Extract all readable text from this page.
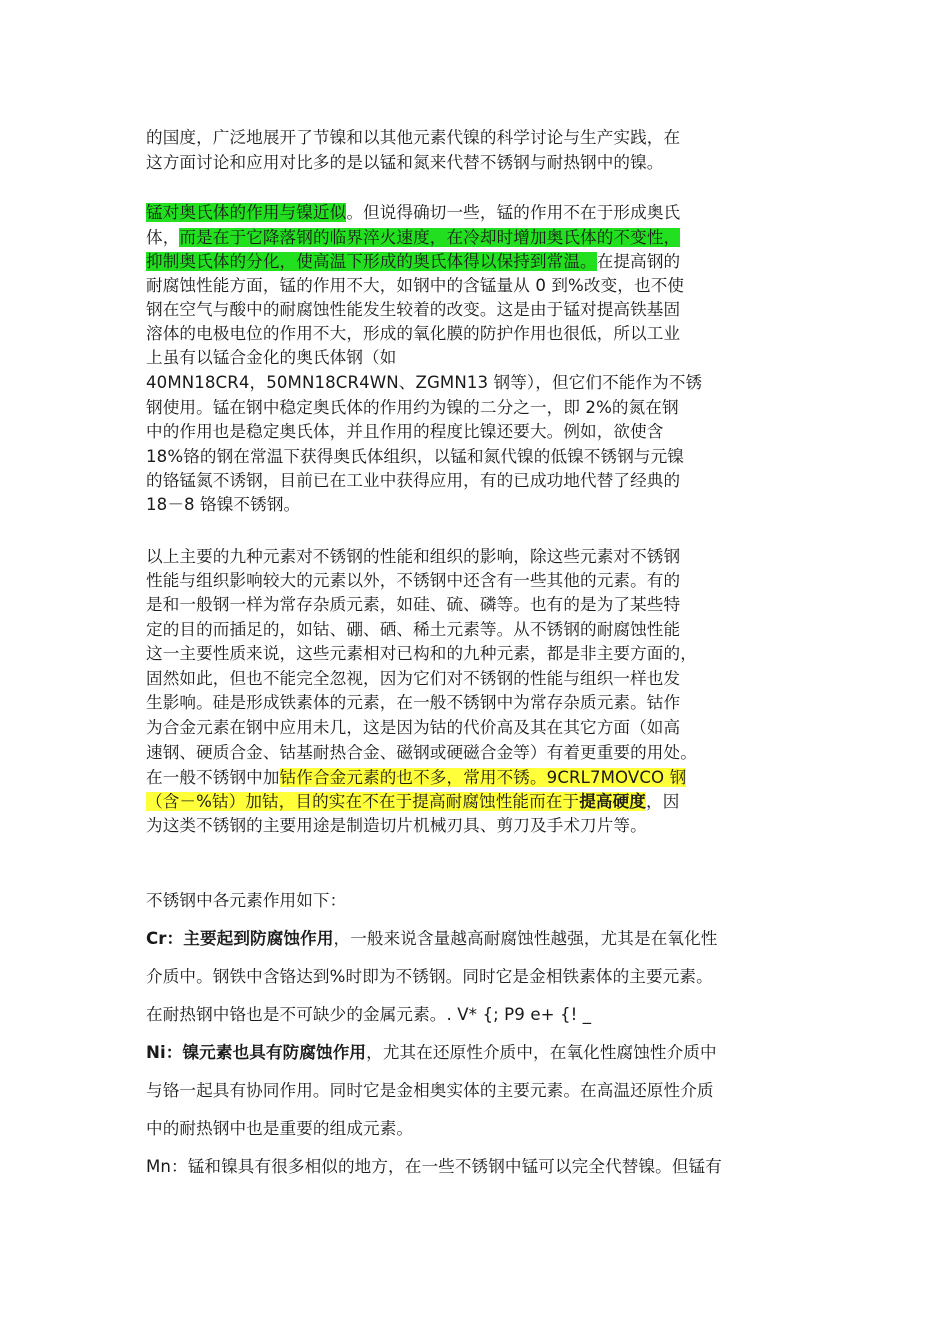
的国度，广泛地展开了节镍和以其他元素代镍的科学讨论与生产实践，在
这方面讨论和应用对比多的是以锰和氮来代替不锈钢与耐热钢中的镍。
锰对奥氏体的作用与镍近似。但说得确切一些，锰的作用不在于形成奥氏
体，而是在于它降落钢的临界淬火速度，在冷却时增加奥氏体的不变性，
抑制奥氏体的分化，使高温下形成的奥氏体得以保持到常温。在提高钢的
耐腐蚀性能方面，锰的作用不大，如钢中的含锰量从 0 到%改变，也不使
钢在空气与酸中的耐腐蚀性能发生较着的改变。这是由于锰对提高铁基固
溶体的电极电位的作用不大，形成的氧化膜的防护作用也很低，所以工业
上虽有以锰合金化的奥氏体钢（如
40MN18CR4，50MN18CR4WN、ZGMN13 钢等），但它们不能作为不锈
钢使用。锰在钢中稳定奥氏体的作用约为镍的二分之一，即 2%的氮在钢
中的作用也是稳定奥氏体，并且作用的程度比镍还要大。例如，欲使含
18%铬的钢在常温下获得奥氏体组织，以锰和氮代镍的低镍不锈钢与元镍
的铬锰氮不诱钢，目前已在工业中获得应用，有的已成功地代替了经典的
18－8 铬镍不锈钢。
以上主要的九种元素对不锈钢的性能和组织的影响，除这些元素对不锈钢
性能与组织影响较大的元素以外，不锈钢中还含有一些其他的元素。有的
是和一般钢一样为常存杂质元素，如硅、硫、磷等。也有的是为了某些特
定的目的而插足的，如钴、硼、硒、稀土元素等。从不锈钢的耐腐蚀性能
这一主要性质来说，这些元素相对已构和的九种元素，都是非主要方面的，
固然如此，但也不能完全忽视，因为它们对不锈钢的性能与组织一样也发
生影响。硅是形成铁素体的元素，在一般不锈钢中为常存杂质元素。钴作
为合金元素在钢中应用未几，这是因为钴的代价高及其在其它方面（如高
速钢、硬质合金、钴基耐热合金、磁钢或硬磁合金等）有着更重要的用处。
在一般不锈钢中加钴作合金元素的也不多，常用不锈。9CRL7MOVCO 钢
（含－%钴）加钴，目的实在不在于提高耐腐蚀性能而在于提高硬度，因
为这类不锈钢的主要用途是制造切片机械刃具、剪刀及手术刀片等。
不锈钢中各元素作用如下：
Cr：主要起到防腐蚀作用，一般来说含量越高耐腐蚀性越强，尤其是在氧化性
介质中。钢铁中含铬达到%时即为不锈钢。同时它是金相铁素体的主要元素。
在耐热钢中铬也是不可缺少的金属元素。. V* {; P9 e+ {! _
Ni：镍元素也具有防腐蚀作用，尤其在还原性介质中，在氧化性腐蚀性介质中
与铬一起具有协同作用。同时它是金相奥实体的主要元素。在高温还原性介质
中的耐热钢中也是重要的组成元素。
Mn：锰和镍具有很多相似的地方，在一些不锈钢中锰可以完全代替镍。但锰有
